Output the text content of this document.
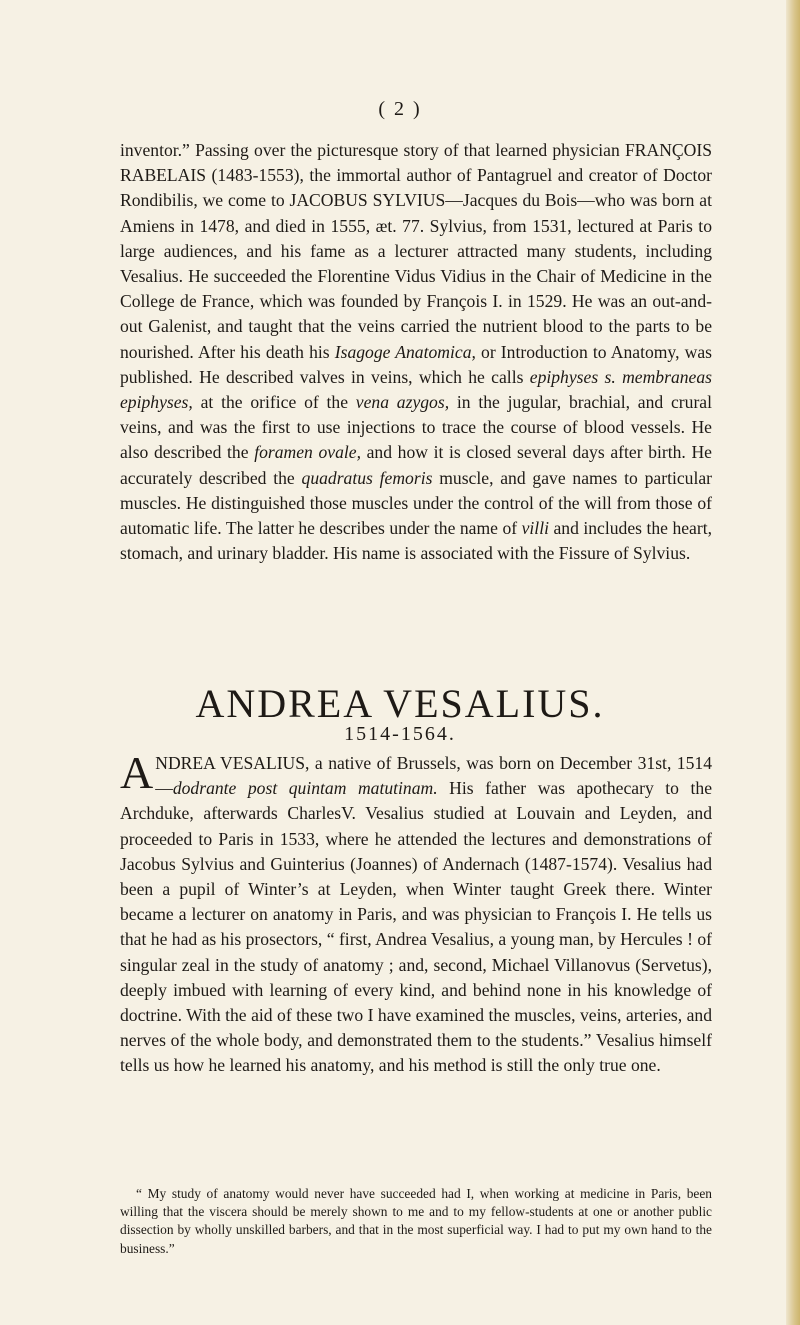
( 2 )

inventor.” Passing over the picturesque story of that learned physician FRANÇOIS RABELAIS (1483-1553), the immortal author of Pantagruel and creator of Doctor Rondibilis, we come to JACOBUS SYLVIUS—Jacques du Bois—who was born at Amiens in 1478, and died in 1555, æt. 77. Sylvius, from 1531, lectured at Paris to large audiences, and his fame as a lecturer attracted many students, including Vesalius. He succeeded the Florentine Vidus Vidius in the Chair of Medicine in the College de France, which was founded by François I. in 1529. He was an out-and-out Galenist, and taught that the veins carried the nutrient blood to the parts to be nourished. After his death his Isagoge Anatomica, or Introduction to Anatomy, was published. He described valves in veins, which he calls epiphyses s. membraneas epiphyses, at the orifice of the vena azygos, in the jugular, brachial, and crural veins, and was the first to use injections to trace the course of blood vessels. He also described the foramen ovale, and how it is closed several days after birth. He accurately described the quadratus femoris muscle, and gave names to particular muscles. He distinguished those muscles under the control of the will from those of automatic life. The latter he describes under the name of villi and includes the heart, stomach, and urinary bladder. His name is associated with the Fissure of Sylvius.

ANDREA VESALIUS.
1514-1564.

ANDREA VESALIUS, a native of Brussels, was born on December 31st, 1514—dodrante post quintam matutinam. His father was apothecary to the Archduke, afterwards CharlesV. Vesalius studied at Louvain and Leyden, and proceeded to Paris in 1533, where he attended the lectures and demonstrations of Jacobus Sylvius and Guinterius (Joannes) of Andernach (1487-1574). Vesalius had been a pupil of Winter’s at Leyden, when Winter taught Greek there. Winter became a lecturer on anatomy in Paris, and was physician to François I. He tells us that he had as his prosectors, “ first, Andrea Vesalius, a young man, by Hercules ! of singular zeal in the study of anatomy ; and, second, Michael Villanovus (Servetus), deeply imbued with learning of every kind, and behind none in his knowledge of doctrine. With the aid of these two I have examined the muscles, veins, arteries, and nerves of the whole body, and demonstrated them to the students.” Vesalius himself tells us how he learned his anatomy, and his method is still the only true one.

“ My study of anatomy would never have succeeded had I, when working at medicine in Paris, been willing that the viscera should be merely shown to me and to my fellow-students at one or another public dissection by wholly unskilled barbers, and that in the most superficial way. I had to put my own hand to the business.”
